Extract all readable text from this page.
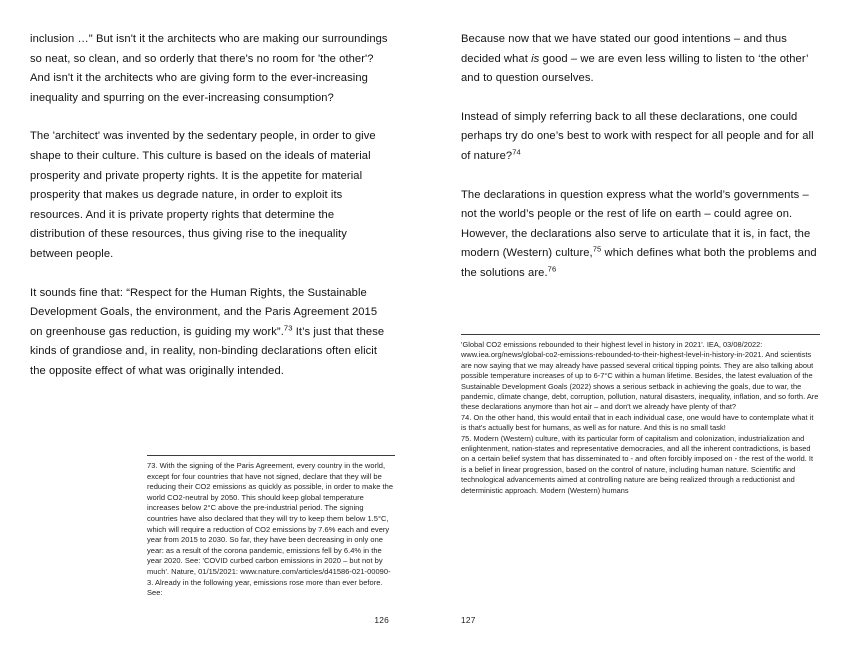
inclusion …" But isn't it the architects who are making our surroundings so neat, so clean, and so orderly that there's no room for 'the other'? And isn't it the architects who are giving form to the ever-increasing inequality and spurring on the ever-increasing consumption?

The 'architect' was invented by the sedentary people, in order to give shape to their culture. This culture is based on the ideals of material prosperity and private property rights. It is the appetite for material prosperity that makes us degrade nature, in order to exploit its resources. And it is private property rights that determine the distribution of these resources, thus giving rise to the inequality between people.

It sounds fine that: “Respect for the Human Rights, the Sustainable Development Goals, the environment, and the Paris Agreement 2015 on greenhouse gas reduction, is guiding my work”.$^{73}$ It’s just that these kinds of grandiose and, in reality, non-binding declarations often elicit the opposite effect of what was originally intended.

73. With the signing of the Paris Agreement, every country in the world, except for four countries that have not signed, declare that they will be reducing their CO2 emissions as quickly as possible, in order to make the world CO2-neutral by 2050. This should keep global temperature increases below 2°C above the pre-industrial period. The signing countries have also declared that they will try to keep them below 1.5°C, which will require a reduction of CO2 emissions by 7.6% each and every year from 2015 to 2030. So far, they have been decreasing in only one year: as a result of the corona pandemic, emissions fell by 6.4% in the year 2020. See: 'COVID curbed carbon emissions in 2020 – but not by much'. Nature, 01/15/2021: www.nature.com/articles/d41586-021-00090-3. Already in the following year, emissions rose more than ever before. See:

126

Because now that we have stated our good intentions – and thus decided what is good – we are even less willing to listen to ‘the other’ and to question ourselves.

Instead of simply referring back to all these declarations, one could perhaps try do one’s best to work with respect for all people and for all of nature?$^{74}$

The declarations in question express what the world’s governments – not the world’s people or the rest of life on earth – could agree on. However, the declarations also serve to articulate that it is, in fact, the modern (Western) culture,$^{75}$ which defines what both the problems and the solutions are.$^{76}$

'Global CO2 emissions rebounded to their highest level in history in 2021'. IEA, 03/08/2022: www.iea.org/news/global-co2-emissions-rebounded-to-their-highest-level-in-history-in-2021. And scientists are now saying that we may already have passed several critical tipping points. They are also talking about possible temperature increases of up to 6-7°C within a human lifetime. Besides, the latest evaluation of the Sustainable Development Goals (2022) shows a serious setback in achieving the goals, due to war, the pandemic, climate change, debt, corruption, pollution, natural disasters, inequality, inflation, and so forth. Are these declarations anymore than hot air – and don't we already have plenty of that?

74. On the other hand, this would entail that in each individual case, one would have to contemplate what it is that's actually best for humans, as well as for nature. And this is no small task!

75. Modern (Western) culture, with its particular form of capitalism and colonization, industrialization and enlightenment, nation-states and representative democracies, and all the inherent contradictions, is based on a certain belief system that has disseminated to - and often forcibly imposed on - the rest of the world. It is a belief in linear progression, based on the control of nature, including human nature. Scientific and technological advancements aimed at controlling nature are being realized through a reductionist and deterministic approach. Modern (Western) humans

127
